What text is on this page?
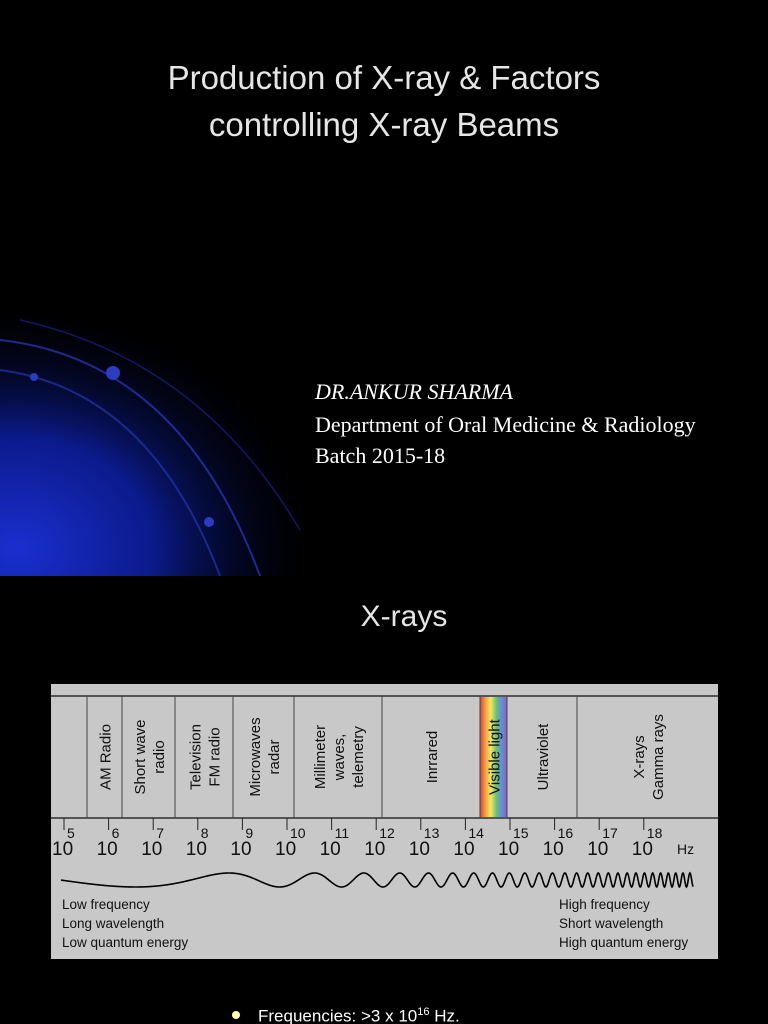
Production of X-ray & Factors
controlling X-ray Beams
DR.ANKUR SHARMA
Department of Oral Medicine & Radiology
Batch 2015-18
X-rays
AM Radio Short wave radio Television FM radio Microwaves radar Millimeter waves, telemetry	Inrrared	Visible light Ultraviolet	X-rays Gamma rays
5
10
6
10
7
10
8
10
9
10
10
10
11
10
12
10
13
10
14
10
15
10
16
10
17
10
18
10 Hz
Low frequency
Long wavelength
Low quantum energy
High frequency
Short wavelength
High quantum energy
Frequencies: >3 x $10^{16}$ Hz.
